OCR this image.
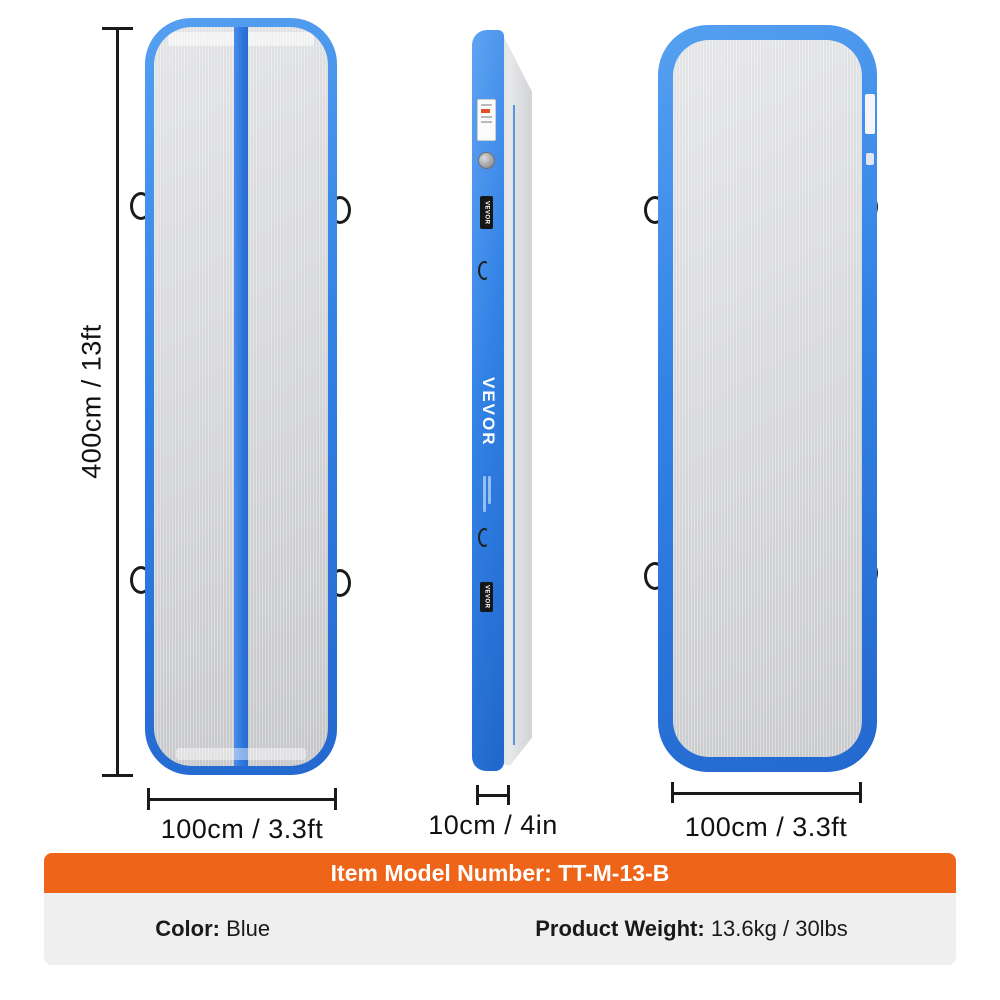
400cm / 13ft
100cm / 3.3ft
VEVOR
VEVOR
VEVOR
10cm / 4in	100cm / 3.3ft
Item Model Number: TT-M-13-B
Color: Blue	Product Weight: 13.6kg / 30lbs
